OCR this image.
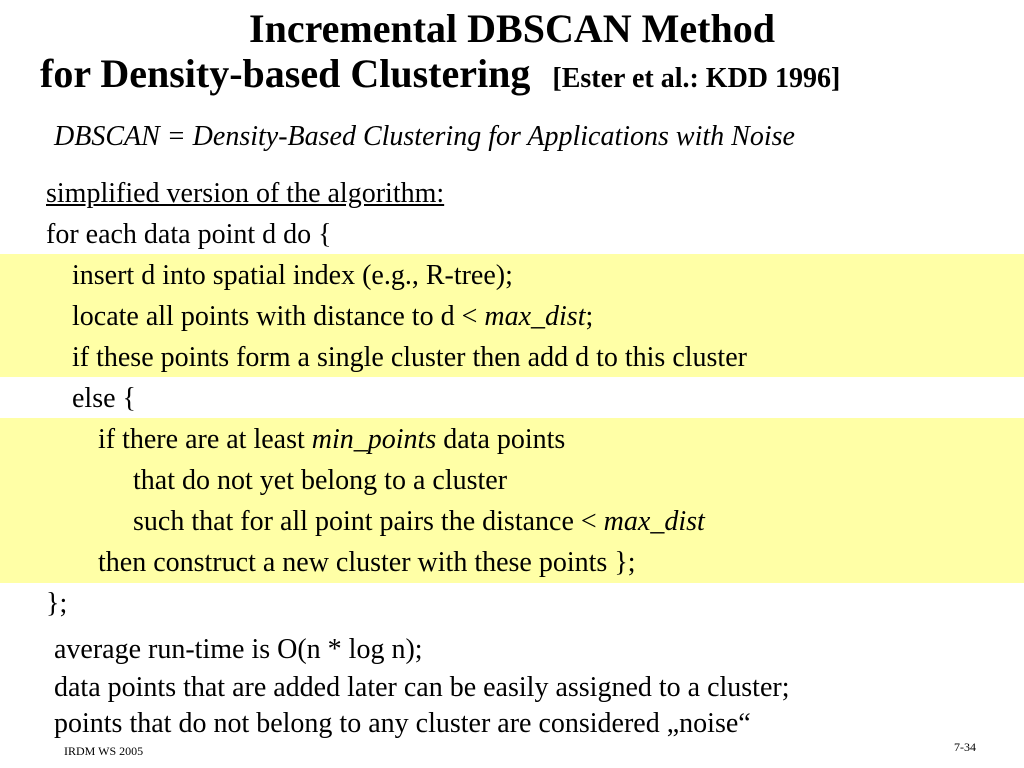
Incremental DBSCAN Method
for Density-based Clustering [Ester et al.: KDD 1996]
DBSCAN = Density-Based Clustering for Applications with Noise
simplified version of the algorithm:
for each data point d do {
insert d into spatial index (e.g., R-tree);
locate all points with distance to d < max_dist;
if these points form a single cluster then add d to this cluster
else {
if there are at least min_points data points
that do not yet belong to a cluster
such that for all point pairs the distance < max_dist
then construct a new cluster with these points };
};
average run-time is O(n * log n);
data points that are added later can be easily assigned to a cluster;
points that do not belong to any cluster are considered „noise“
IRDM WS 2005	7-34
